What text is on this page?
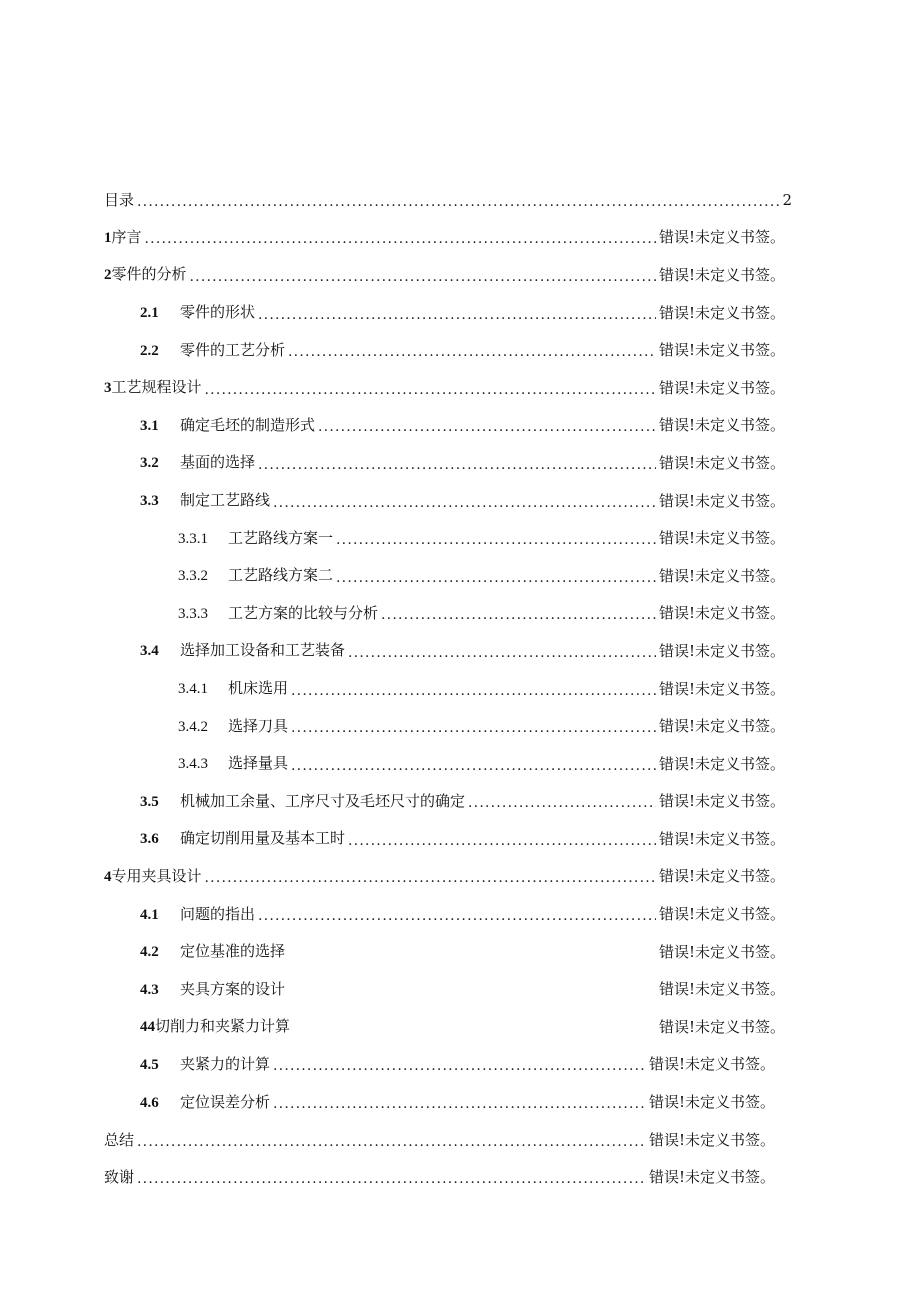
目录 .....	2
1序言 .....	错误!未定义书签。
2零件的分析 .....	错误!未定义书签。
2.1 零件的形状 .....	错误!未定义书签。
2.2 零件的工艺分析 .....	错误!未定义书签。
3工艺规程设计 .....	错误!未定义书签。
3.1 确定毛坯的制造形式 .....	错误!未定义书签。
3.2 基面的选择 .....	错误!未定义书签。
3.3 制定工艺路线 .....	错误!未定义书签。
3.3.1 工艺路线方案一 .....	错误!未定义书签。
3.3.2 工艺路线方案二 .....	错误!未定义书签。
3.3.3 工艺方案的比较与分析 .....	错误!未定义书签。
3.4 选择加工设备和工艺装备 .....	错误!未定义书签。
3.4.1 机床选用 .....	错误!未定义书签。
3.4.2 选择刀具 .....	错误!未定义书签。
3.4.3 选择量具 .....	错误!未定义书签。
3.5 机械加工余量、工序尺寸及毛坯尺寸的确定 .....	错误!未定义书签。
3.6 确定切削用量及基本工时 .....	错误!未定义书签。
4专用夹具设计 .....	错误!未定义书签。
4.1 问题的指出 .....	错误!未定义书签。
4.2 定位基准的选择	错误!未定义书签。
4.3 夹具方案的设计	错误!未定义书签。
44切削力和夹紧力计算	错误!未定义书签。
4.5 夹紧力的计算 .....	错误!未定义书签。
4.6 定位误差分析 .....	错误!未定义书签。
总结 .....	错误!未定义书签。
致谢 .....	错误!未定义书签。
